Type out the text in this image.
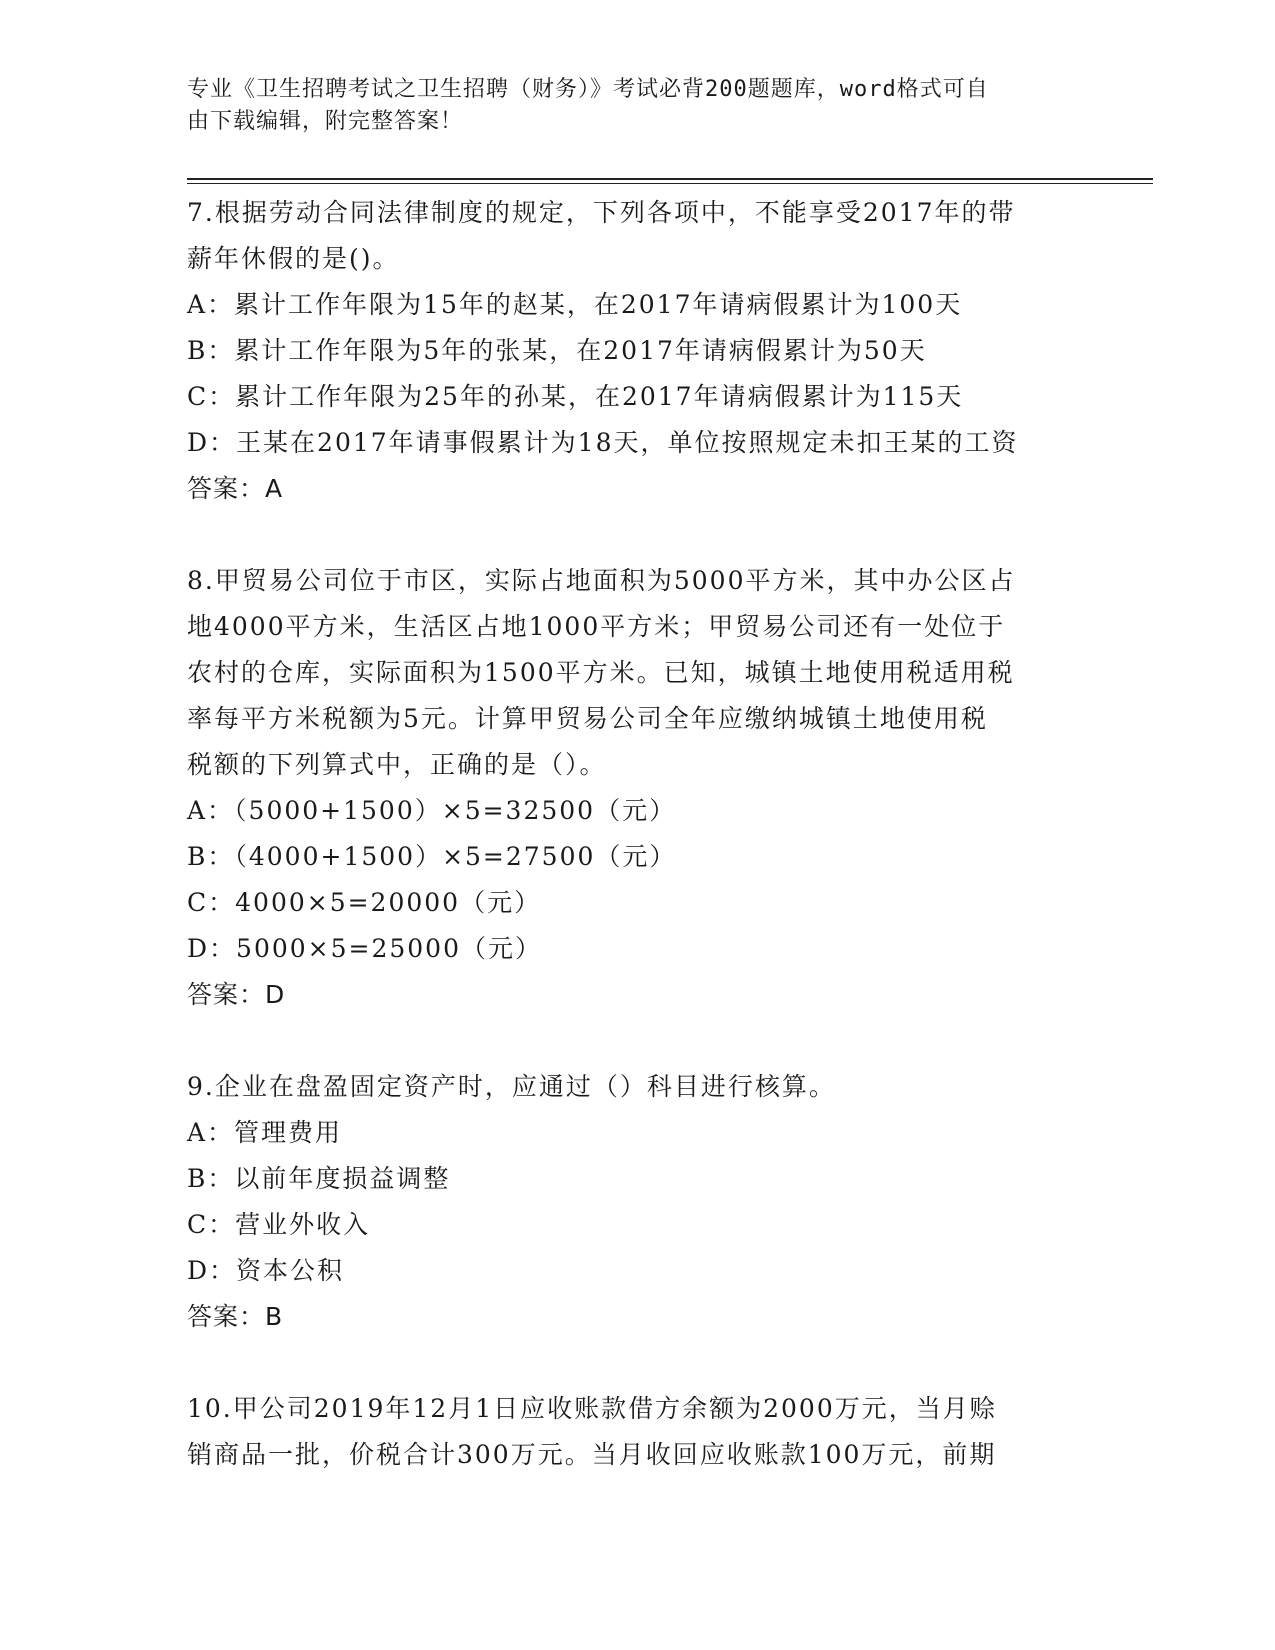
专业《卫生招聘考试之卫生招聘（财务）》考试必背200题题库，word格式可自
由下载编辑，附完整答案！

7.根据劳动合同法律制度的规定，下列各项中，不能享受2017年的带

薪年休假的是()。

A：累计工作年限为15年的赵某，在2017年请病假累计为100天

B：累计工作年限为5年的张某，在2017年请病假累计为50天

C：累计工作年限为25年的孙某，在2017年请病假累计为115天

D：王某在2017年请事假累计为18天，单位按照规定未扣王某的工资

答案：A

8.甲贸易公司位于市区，实际占地面积为5000平方米，其中办公区占

地4000平方米，生活区占地1000平方米；甲贸易公司还有一处位于

农村的仓库，实际面积为1500平方米。已知，城镇土地使用税适用税

率每平方米税额为5元。计算甲贸易公司全年应缴纳城镇土地使用税

税额的下列算式中，正确的是（）。

A：（5000+1500）×5=32500（元）

B：（4000+1500）×5=27500（元）

C：4000×5=20000（元）

D：5000×5=25000（元）

答案：D

9.企业在盘盈固定资产时，应通过（）科目进行核算。

A：管理费用

B：以前年度损益调整

C：营业外收入

D：资本公积

答案：B

10.甲公司2019年12月1日应收账款借方余额为2000万元，当月赊

销商品一批，价税合计300万元。当月收回应收账款100万元，前期
